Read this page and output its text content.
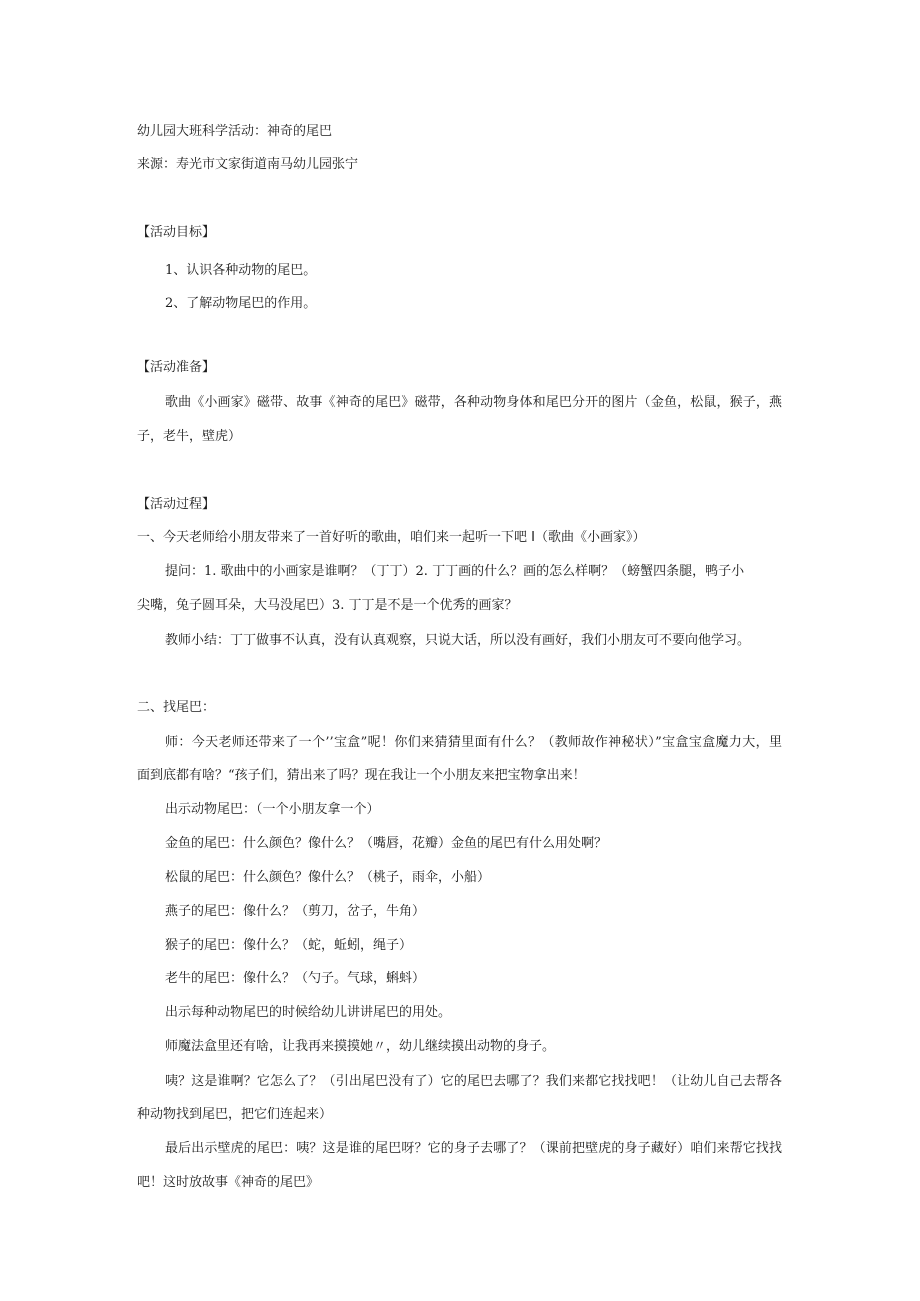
幼儿园大班科学活动：神奇的尾巴
来源：寿光市文家街道南马幼儿园张宁
【活动目标】
1、认识各种动物的尾巴。
2、了解动物尾巴的作用。
【活动准备】
歌曲《小画家》磁带、故事《神奇的尾巴》磁带，各种动物身体和尾巴分开的图片（金鱼，松鼠，猴子，燕
子，老牛，壁虎）
【活动过程】
一、今天老师给小朋友带来了一首好听的歌曲，咱们来一起听一下吧 I（歌曲《小画家》）
提问：1. 歌曲中的小画家是谁啊？（丁丁）2. 丁丁画的什么？画的怎么样啊？（螃蟹四条腿，鸭子小
尖嘴，兔子圆耳朵，大马没尾巴）3. 丁丁是不是一个优秀的画家？
教师小结：丁丁做事不认真，没有认真观察，只说大话，所以没有画好，我们小朋友可不要向他学习。
二、找尾巴：
师：今天老师还带来了一个’’宝盒”呢！你们来猜猜里面有什么？（教师故作神秘状）”宝盒宝盒魔力大，里
面到底都有啥？“孩子们，猜出来了吗？现在我让一个小朋友来把宝物拿出来！
出示动物尾巴：（一个小朋友拿一个）
金鱼的尾巴：什么颜色？像什么？（嘴唇，花瓣）金鱼的尾巴有什么用处啊？
松鼠的尾巴：什么颜色？像什么？（桃子，雨伞，小船）
燕子的尾巴：像什么？（剪刀，岔子，牛角）
猴子的尾巴：像什么？（蛇，蚯蚓，绳子）
老牛的尾巴：像什么？（勺子。气球，蝌蚪）
出示每种动物尾巴的时候给幼儿讲讲尾巴的用处。
师魔法盒里还有啥，让我再来摸摸她〃，幼儿继续摸出动物的身子。
咦？这是谁啊？它怎么了？（引出尾巴没有了）它的尾巴去哪了？我们来都它找找吧！（让幼儿自己去帮各
种动物找到尾巴，把它们连起来）
最后出示壁虎的尾巴：咦？这是谁的尾巴呀？它的身子去哪了？（课前把壁虎的身子藏好）咱们来帮它找找
吧！这时放故事《神奇的尾巴》
